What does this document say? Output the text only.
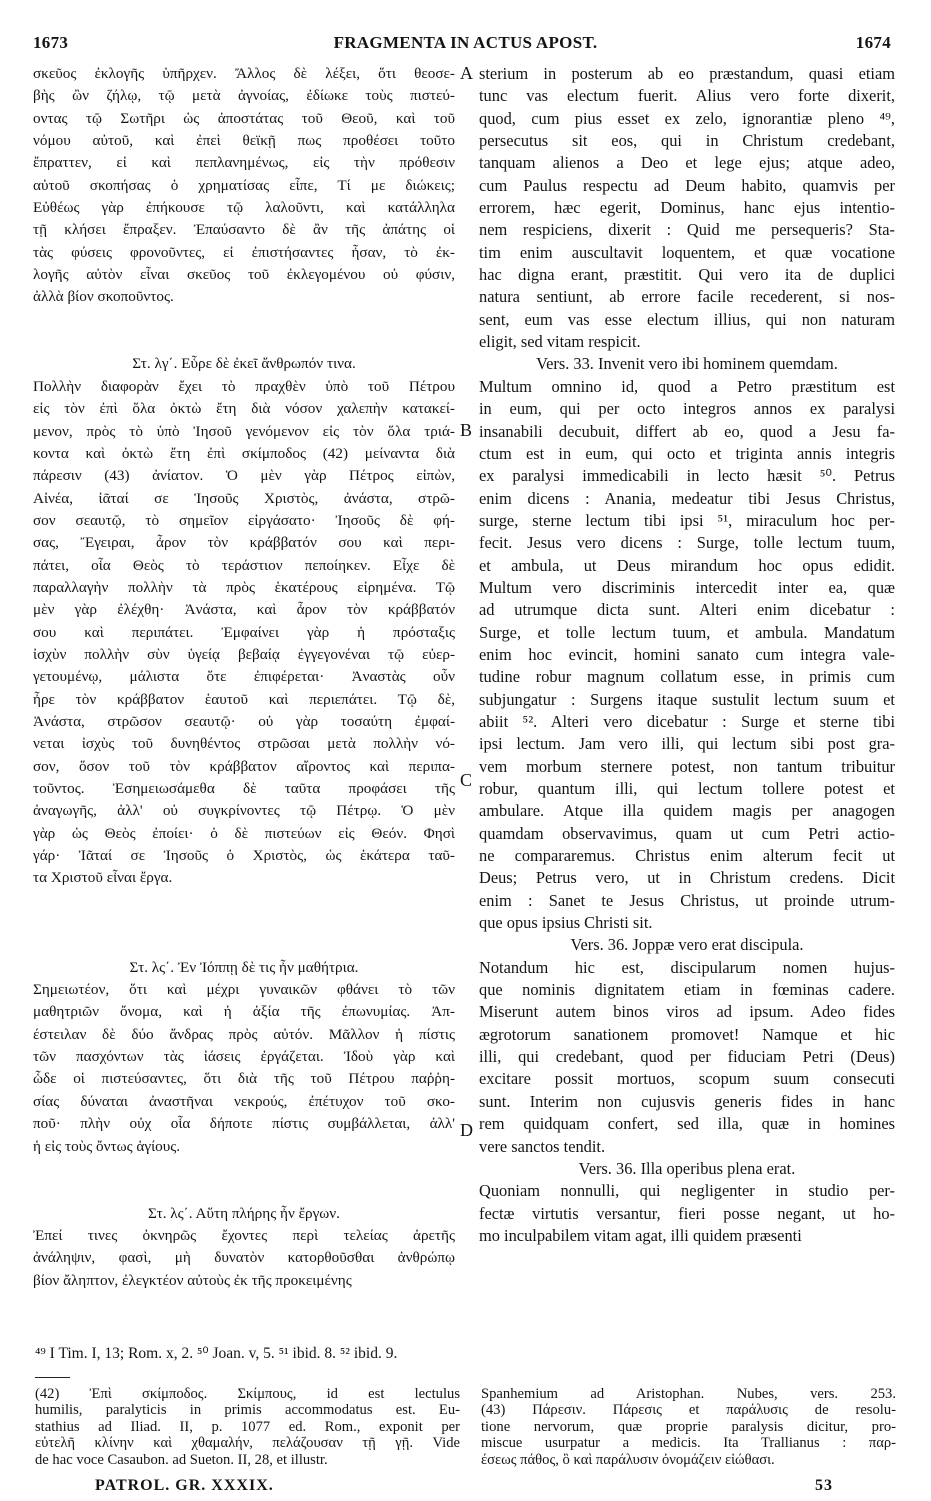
1673	FRAGMENTA IN ACTUS APOST.	1674
σκεῦος ἐκλογῆς ὑπῆρχεν. Ἄλλος δὲ λέξει, ὅτι θεοσε-
βὴς ὢν ζήλῳ, τῷ μετὰ ἀγνοίας, ἐδίωκε τοὺς πιστεύ-
οντας τῷ Σωτῆρι ὡς ἀποστάτας τοῦ Θεοῦ, καὶ τοῦ
νόμου αὐτοῦ, καὶ ἐπεὶ θεϊκῇ πως προθέσει τοῦτο
ἔπραττεν, εἰ καὶ πεπλανημένως, εἰς τὴν πρόθεσιν
αὐτοῦ σκοπήσας ὁ χρηματίσας εἶπε, Τί με διώκεις;
Εὐθέως γὰρ ἐπήκουσε τῷ λαλοῦντι, καὶ κατάλληλα
τῇ κλήσει ἔπραξεν. Ἐπαύσαντο δὲ ἂν τῆς ἀπάτης οἱ
τὰς φύσεις φρονοῦντες, εἰ ἐπιστήσαντες ἦσαν, τὸ ἐκ-
λογῆς αὐτὸν εἶναι σκεῦος τοῦ ἐκλεγομένου οὐ φύσιν,
ἀλλὰ βίον σκοποῦντος.
Στ. λγ΄. Εὗρε δὲ ἐκεῖ ἄνθρωπόν τινα.
Πολλὴν διαφορὰν ἔχει τὸ πραχθὲν ὑπὸ τοῦ Πέτρου
εἰς τὸν ἐπὶ ὅλα ὀκτὼ ἔτη διὰ νόσον χαλεπὴν κατακεί-
μενον, πρὸς τὸ ὑπὸ Ἰησοῦ γενόμενον εἰς τὸν ὅλα τριά-
κοντα καὶ ὀκτὼ ἔτη ἐπὶ σκίμποδος (42) μείναντα διὰ
πάρεσιν (43) ἀνίατον. Ὁ μὲν γὰρ Πέτρος εἰπὼν,
Αἰνέα, ἰᾶταί σε Ἰησοῦς Χριστὸς, ἀνάστα, στρῶ-
σον σεαυτῷ, τὸ σημεῖον εἰργάσατο· Ἰησοῦς δὲ φή-
σας, Ἔγειραι, ἆρον τὸν κράββατόν σου καὶ περι-
πάτει, οἷα Θεὸς τὸ τεράστιον πεποίηκεν. Εἶχε δὲ
παραλλαγὴν πολλὴν τὰ πρὸς ἑκατέρους εἰρημένα. Τῷ
μὲν γὰρ ἐλέχθη· Ἀνάστα, καὶ ἆρον τὸν κράββατόν
σου καὶ περιπάτει. Ἐμφαίνει γὰρ ἡ πρόσταξις
ἰσχὺν πολλὴν σὺν ὑγείᾳ βεβαίᾳ ἐγγεγονέναι τῷ εὐερ-
γετουμένῳ, μάλιστα ὅτε ἐπιφέρεται· Ἀναστὰς οὖν
ἦρε τὸν κράββατον ἑαυτοῦ καὶ περιεπάτει. Τῷ δὲ,
Ἀνάστα, στρῶσον σεαυτῷ· οὐ γὰρ τοσαύτη ἐμφαί-
νεται ἰσχὺς τοῦ δυνηθέντος στρῶσαι μετὰ πολλὴν νό-
σον, ὅσον τοῦ τὸν κράββατον αἴροντος καὶ περιπα-
τοῦντος. Ἐσημειωσάμεθα δὲ ταῦτα προφάσει τῆς
ἀναγωγῆς, ἀλλ' οὐ συγκρίνοντες τῷ Πέτρῳ. Ὁ μὲν
γὰρ ὡς Θεὸς ἐποίει· ὁ δὲ πιστεύων εἰς Θεόν. Φησὶ
γάρ· Ἰᾶταί σε Ἰησοῦς ὁ Χριστὸς, ὡς ἑκάτερα ταῦ-
τα Χριστοῦ εἶναι ἔργα.
Στ. λς΄. Ἐν Ἰόππῃ δὲ τις ἦν μαθήτρια.
Σημειωτέον, ὅτι καὶ μέχρι γυναικῶν φθάνει τὸ τῶν
μαθητριῶν ὄνομα, καὶ ἡ ἀξία τῆς ἐπωνυμίας. Ἀπ-
έστειλαν δὲ δύο ἄνδρας πρὸς αὐτόν. Μᾶλλον ἡ πίστις
τῶν πασχόντων τὰς ἰάσεις ἐργάζεται. Ἰδοὺ γὰρ καὶ
ὧδε οἱ πιστεύσαντες, ὅτι διὰ τῆς τοῦ Πέτρου παῤῥη-
σίας δύναται ἀναστῆναι νεκρούς, ἐπέτυχον τοῦ σκο-
ποῦ· πλὴν οὐχ οἷα δήποτε πίστις συμβάλλεται, ἀλλ'
ἡ εἰς τοὺς ὄντως ἁγίους.
Στ. λς΄. Αὕτη πλήρης ἦν ἔργων.
Ἐπεί τινες ὀκνηρῶς ἔχοντες περὶ τελείας ἀρετῆς
ἀνάληψιν, φασὶ, μὴ δυνατὸν κατορθοῦσθαι ἀνθρώπῳ
βίον ἄληπτον, ἐλεγκτέον αὐτοὺς ἐκ τῆς προκειμένης
sterium in posterum ab eo præstandum, quasi etiam
tunc vas electum fuerit. Alius vero forte dixerit,
quod, cum pius esset ex zelo, ignorantiæ pleno ⁴⁹,
persecutus sit eos, qui in Christum credebant,
tanquam alienos a Deo et lege ejus; atque adeo,
cum Paulus respectu ad Deum habito, quamvis per
errorem, hæc egerit, Dominus, hanc ejus intentio-
nem respiciens, dixerit : Quid me persequeris? Sta-
tim enim auscultavit loquentem, et quæ vocatione
hac digna erant, præstitit. Qui vero ita de duplici
natura sentiunt, ab errore facile recederent, si nos-
sent, eum vas esse electum illius, qui non naturam
eligit, sed vitam respicit.
Vers. 33. Invenit vero ibi hominem quemdam.
Multum omnino id, quod a Petro præstitum est
in eum, qui per octo integros annos ex paralysi
insanabili decubuit, differt ab eo, quod a Jesu fa-
ctum est in eum, qui octo et triginta annis integris
ex paralysi immedicabili in lecto hæsit ⁵⁰. Petrus
enim dicens : Anania, medeatur tibi Jesus Christus,
surge, sterne lectum tibi ipsi ⁵¹, miraculum hoc per-
fecit. Jesus vero dicens : Surge, tolle lectum tuum,
et ambula, ut Deus mirandum hoc opus edidit.
Multum vero discriminis intercedit inter ea, quæ
ad utrumque dicta sunt. Alteri enim dicebatur :
Surge, et tolle lectum tuum, et ambula. Mandatum
enim hoc evincit, homini sanato cum integra vale-
tudine robur magnum collatum esse, in primis cum
subjungatur : Surgens itaque sustulit lectum suum et
abiit ⁵². Alteri vero dicebatur : Surge et sterne tibi
ipsi lectum. Jam vero illi, qui lectum sibi post gra-
vem morbum sternere potest, non tantum tribuitur
robur, quantum illi, qui lectum tollere potest et
ambulare. Atque illa quidem magis per anagogen
quamdam observavimus, quam ut cum Petri actio-
ne compararemus. Christus enim alterum fecit ut
Deus; Petrus vero, ut in Christum credens. Dicit
enim : Sanet te Jesus Christus, ut proinde utrum-
que opus ipsius Christi sit.
Vers. 36. Joppæ vero erat discipula.
Notandum hic est, discipularum nomen hujus-
que nominis dignitatem etiam in fœminas cadere.
Miserunt autem binos viros ad ipsum. Adeo fides
ægrotorum sanationem promovet! Namque et hic
illi, qui credebant, quod per fiduciam Petri (Deus)
excitare possit mortuos, scopum suum consecuti
sunt. Interim non cujusvis generis fides in hanc
rem quidquam confert, sed illa, quæ in homines
vere sanctos tendit.
Vers. 36. Illa operibus plena erat.
Quoniam nonnulli, qui negligenter in studio per-
fectæ virtutis versantur, fieri posse negant, ut ho-
mo inculpabilem vitam agat, illi quidem præsenti
A
B
C
D
⁴⁹ I Tim. I, 13; Rom. x, 2. ⁵⁰ Joan. v, 5. ⁵¹ ibid. 8. ⁵² ibid. 9.
(42) Ἐπὶ σκίμποδος. Σκίμπους, id est lectulus
humilis, paralyticis in primis accommodatus est. Eu-
stathius ad Iliad. II, p. 1077 ed. Rom., exponit per
εὐτελῆ κλίνην καὶ χθαμαλήν, πελάζουσαν τῇ γῇ. Vide
de hac voce Casaubon. ad Sueton. II, 28, et illustr.
Spanhemium ad Aristophan. Nubes, vers. 253.
(43) Πάρεσιν. Πάρεσις et παράλυσις de resolu-
tione nervorum, quæ proprie paralysis dicitur, pro-
miscue usurpatur a medicis. Ita Trallianus : παρ-
έσεως πάθος, ὃ καὶ παράλυσιν ὀνομάζειν εἰώθασι.
PATROL. GR. XXXIX.	53
